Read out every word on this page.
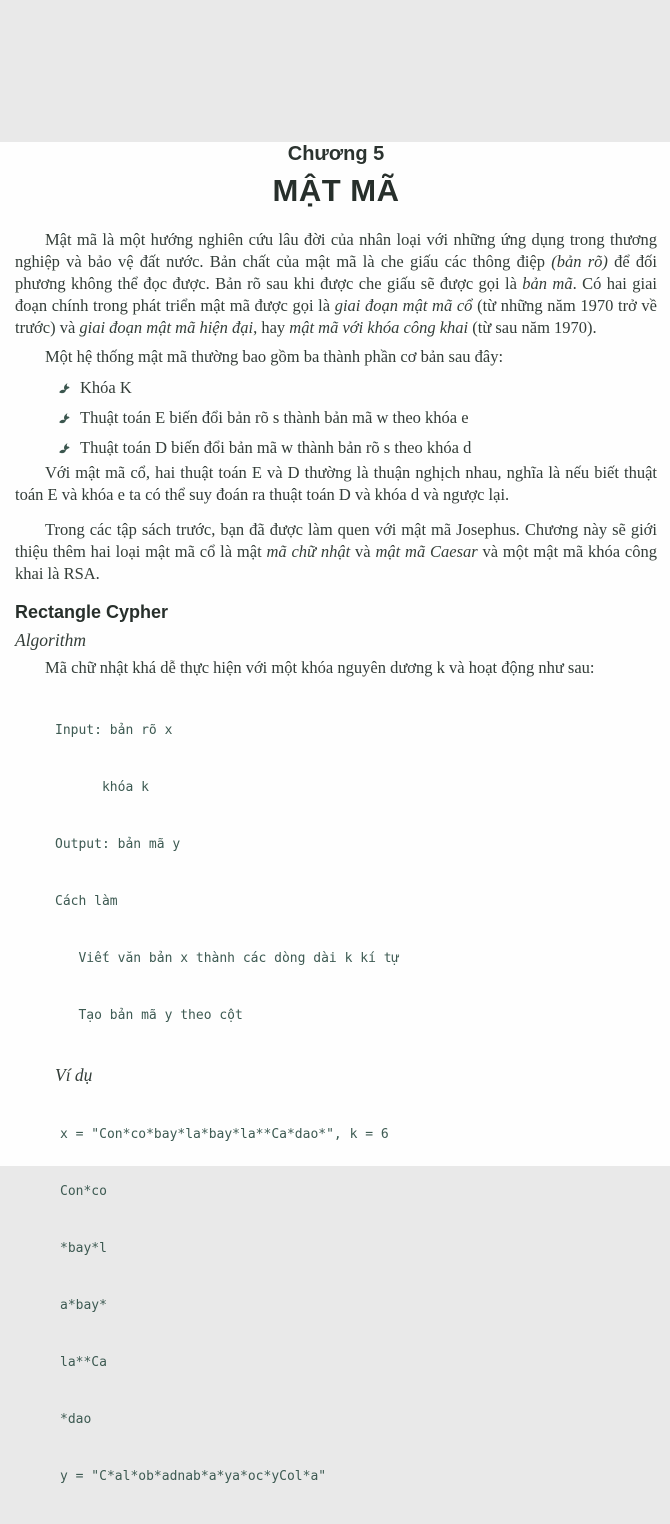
Chương 5
MẬT MÃ

Mật mã là một hướng nghiên cứu lâu đời của nhân loại với những ứng dụng trong thương nghiệp và bảo vệ đất nước. Bản chất của mật mã là che giấu các thông điệp (bản rõ) để đối phương không thể đọc được. Bản rõ sau khi được che giấu sẽ được gọi là bản mã. Có hai giai đoạn chính trong phát triển mật mã được gọi là giai đoạn mật mã cổ (từ những năm 1970 trở về trước) và giai đoạn mật mã hiện đại, hay mật mã với khóa công khai (từ sau năm 1970).

Một hệ thống mật mã thường bao gồm ba thành phần cơ bản sau đây:

Khóa K
Thuật toán E biến đổi bản rõ s thành bản mã w theo khóa e
Thuật toán D biến đổi bản mã w thành bản rõ s theo khóa d

Với mật mã cổ, hai thuật toán E và D thường là thuận nghịch nhau, nghĩa là nếu biết thuật toán E và khóa e ta có thể suy đoán ra thuật toán D và khóa d và ngược lại.

Trong các tập sách trước, bạn đã được làm quen với mật mã Josephus. Chương này sẽ giới thiệu thêm hai loại mật mã cổ là mật mã chữ nhật và mật mã Caesar và một mật mã khóa công khai là RSA.

Rectangle Cypher
Algorithm

Mã chữ nhật khá dễ thực hiện với một khóa nguyên dương k và hoạt động như sau:

Input: bản rõ x

khóa k

Output: bản mã y

Cách làm

Viết văn bản x thành các dòng dài k kí tự

Tạo bản mã y theo cột

Ví dụ

x = "Con*co*bay*la*bay*la**Ca*dao*", k = 6

Con*co

*bay*l

a*bay*

la**Ca

*dao

y = "C*al*ob*adnab*a*ya*oc*yCol*a"
